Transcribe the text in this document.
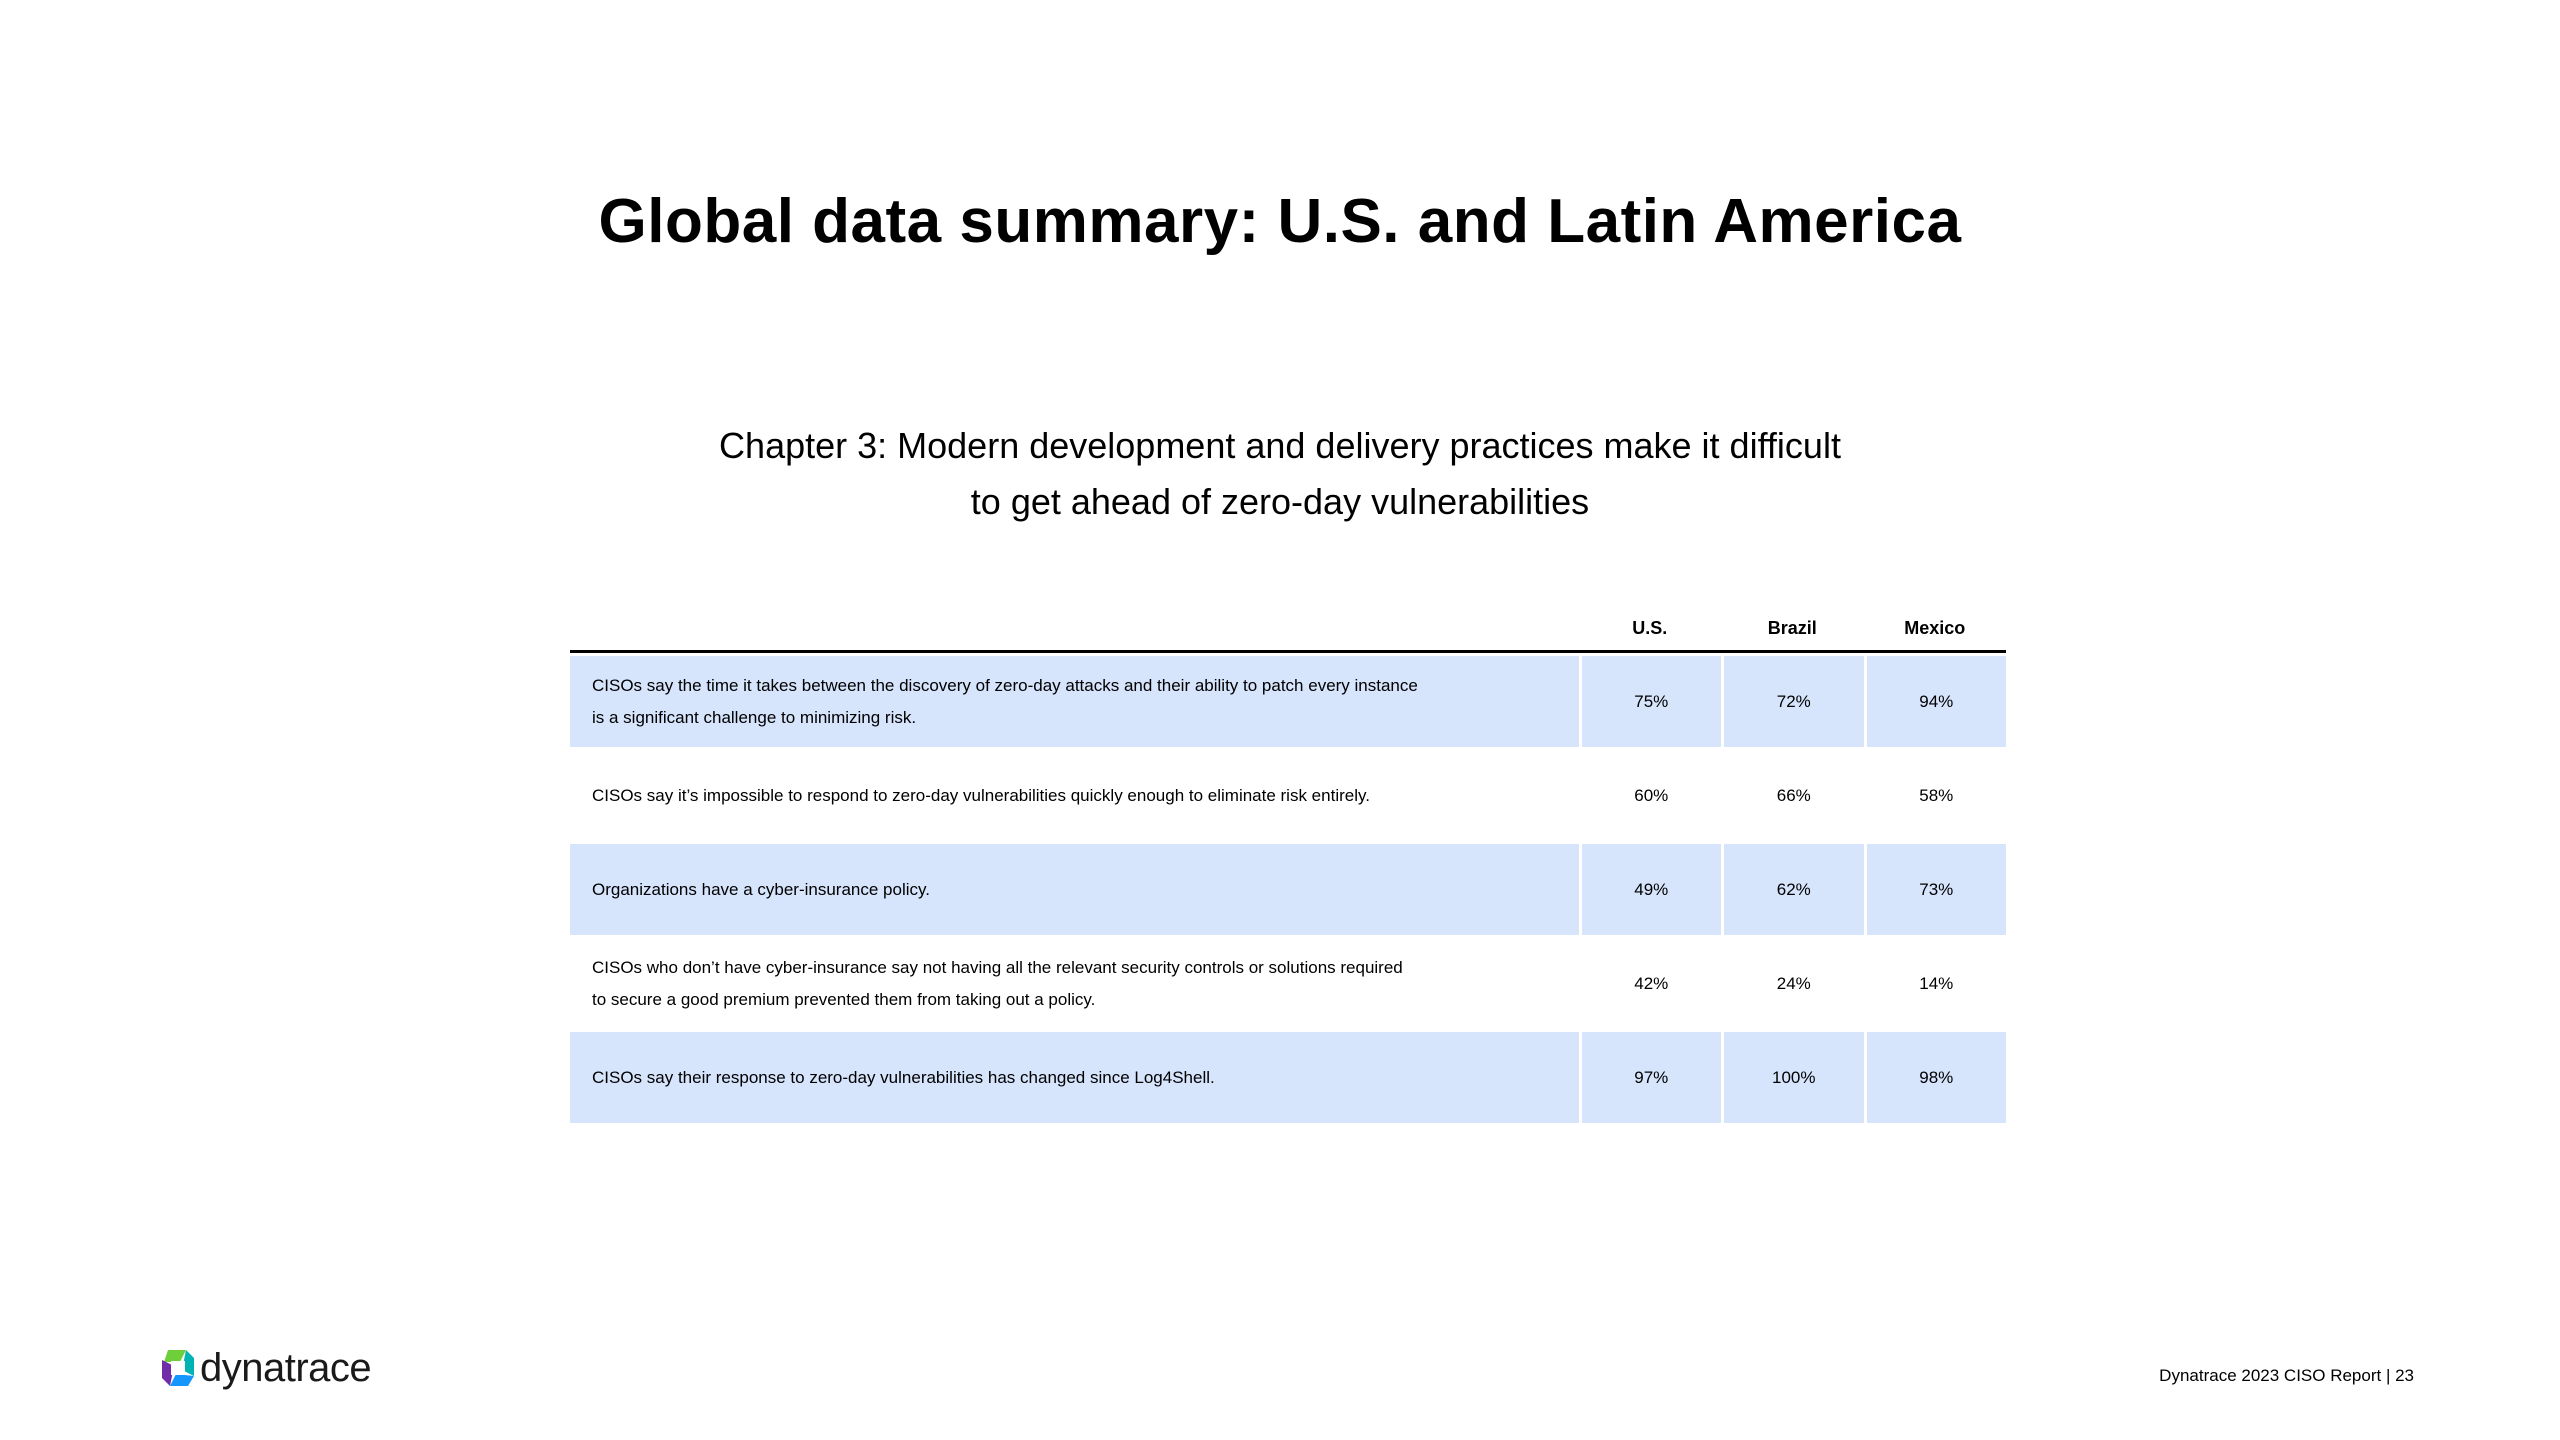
Global data summary: U.S. and Latin America
Chapter 3: Modern development and delivery practices make it difficult
to get ahead of zero-day vulnerabilities
	U.S.	Brazil	Mexico

CISOs say the time it takes between the discovery of zero-day attacks and their ability to patch every instance
is a significant challenge to minimizing risk.	75%	72%	94%

CISOs say it’s impossible to respond to zero-day vulnerabilities quickly enough to eliminate risk entirely.	60%	66%	58%

Organizations have a cyber-insurance policy.	49%	62%	73%

CISOs who don’t have cyber-insurance say not having all the relevant security controls or solutions required
to secure a good premium prevented them from taking out a policy.	42%	24%	14%

CISOs say their response to zero-day vulnerabilities has changed since Log4Shell.	97%	100%	98%
dynatrace	Dynatrace 2023 CISO Report | 23
